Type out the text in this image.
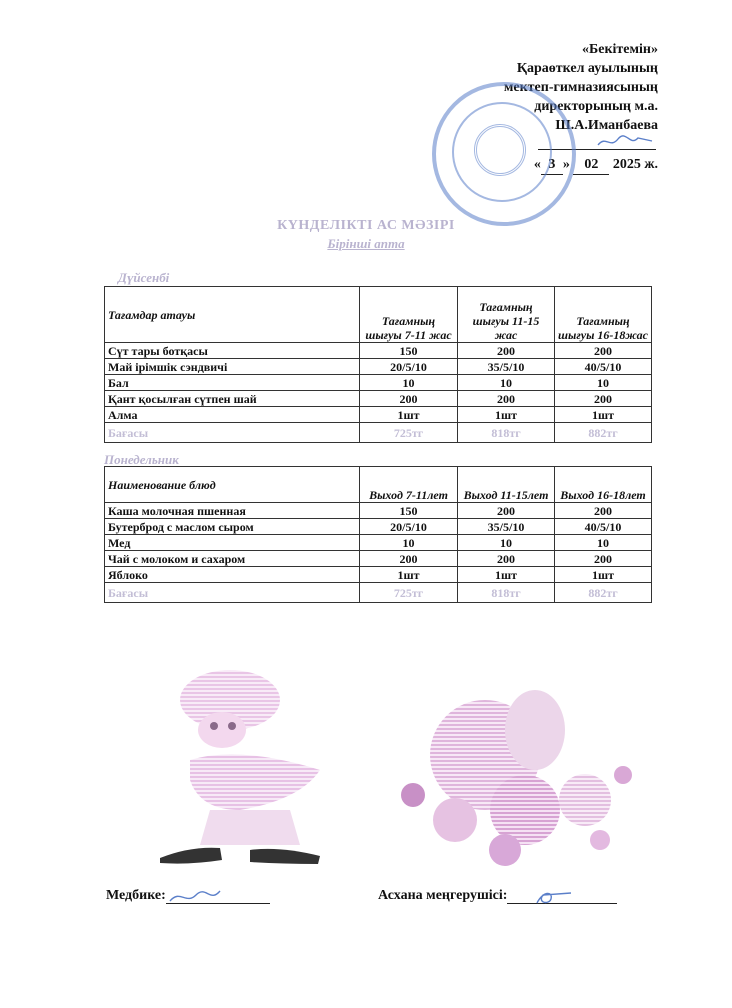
«Бекітемін»
Қараөткел ауылының
мектеп-гимназиясының
директорының м.а.
Ш.А.Иманбаева
« 3 » 02 2025 ж.
КҮНДЕЛІКТІ АС МӘЗІРІ
Бірінші апта
Дүйсенбі
Тағамдар атауы	Тағамның шығуы 7-11 жас	Тағамның шығуы 11-15 жас	Тағамның шығуы 16-18жас
Сүт тары ботқасы	150	200	200
Май ірімшік сэндвичі	20/5/10	35/5/10	40/5/10
Бал	10	10	10
Қант қосылған сүтпен шай	200	200	200
Алма	1шт	1шт	1шт
Бағасы	725тг	818тг	882тг
Понедельник
Наименование блюд	Выход 7-11лет	Выход 11-15лет	Выход 16-18лет
Каша молочная пшенная	150	200	200
Бутерброд с маслом сыром	20/5/10	35/5/10	40/5/10
Мед	10	10	10
Чай с молоком и сахаром	200	200	200
Яблоко	1шт	1шт	1шт
Бағасы	725тг	818тг	882тг
Медбике:	Асхана меңгерушісі:
